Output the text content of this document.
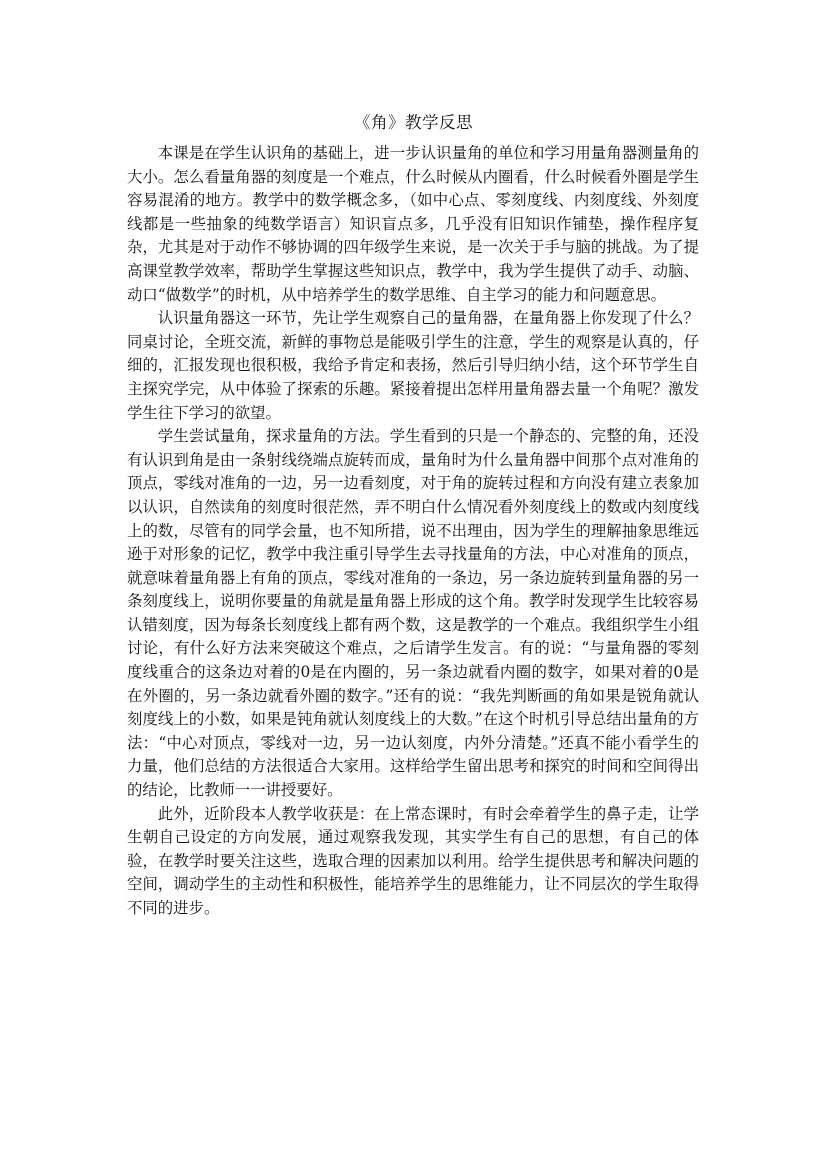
《角》教学反思

本课是在学生认识角的基础上，进一步认识量角的单位和学习用量角器测量角的大小。怎么看量角器的刻度是一个难点，什么时候从内圈看，什么时候看外圈是学生容易混淆的地方。教学中的数学概念多，（如中心点、零刻度线、内刻度线、外刻度线都是一些抽象的纯数学语言）知识盲点多，几乎没有旧知识作铺垫，操作程序复杂，尤其是对于动作不够协调的四年级学生来说，是一次关于手与脑的挑战。为了提高课堂教学效率，帮助学生掌握这些知识点，教学中，我为学生提供了动手、动脑、动口“做数学”的时机，从中培养学生的数学思维、自主学习的能力和问题意思。

认识量角器这一环节，先让学生观察自己的量角器，在量角器上你发现了什么？同桌讨论，全班交流，新鲜的事物总是能吸引学生的注意，学生的观察是认真的，仔细的，汇报发现也很积极，我给予肯定和表扬，然后引导归纳小结，这个环节学生自主探究学完，从中体验了探索的乐趣。紧接着提出怎样用量角器去量一个角呢？激发学生往下学习的欲望。

学生尝试量角，探求量角的方法。学生看到的只是一个静态的、完整的角，还没有认识到角是由一条射线绕端点旋转而成，量角时为什么量角器中间那个点对准角的顶点，零线对准角的一边，另一边看刻度，对于角的旋转过程和方向没有建立表象加以认识，自然读角的刻度时很茫然，弄不明白什么情况看外刻度线上的数或内刻度线上的数，尽管有的同学会量，也不知所措，说不出理由，因为学生的理解抽象思维远逊于对形象的记忆，教学中我注重引导学生去寻找量角的方法，中心对准角的顶点，就意味着量角器上有角的顶点，零线对准角的一条边，另一条边旋转到量角器的另一条刻度线上，说明你要量的角就是量角器上形成的这个角。教学时发现学生比较容易认错刻度，因为每条长刻度线上都有两个数，这是教学的一个难点。我组织学生小组讨论，有什么好方法来突破这个难点，之后请学生发言。有的说：“与量角器的零刻度线重合的这条边对着的0是在内圈的，另一条边就看内圈的数字，如果对着的0是在外圈的，另一条边就看外圈的数字。”还有的说：“我先判断画的角如果是锐角就认刻度线上的小数，如果是钝角就认刻度线上的大数。”在这个时机引导总结出量角的方法：“中心对顶点，零线对一边，另一边认刻度，内外分清楚。”还真不能小看学生的力量，他们总结的方法很适合大家用。这样给学生留出思考和探究的时间和空间得出的结论，比教师一一讲授要好。

此外，近阶段本人教学收获是：在上常态课时，有时会牵着学生的鼻子走，让学生朝自己设定的方向发展，通过观察我发现，其实学生有自己的思想，有自己的体验，在教学时要关注这些，选取合理的因素加以利用。给学生提供思考和解决问题的空间，调动学生的主动性和积极性，能培养学生的思维能力，让不同层次的学生取得不同的进步。
